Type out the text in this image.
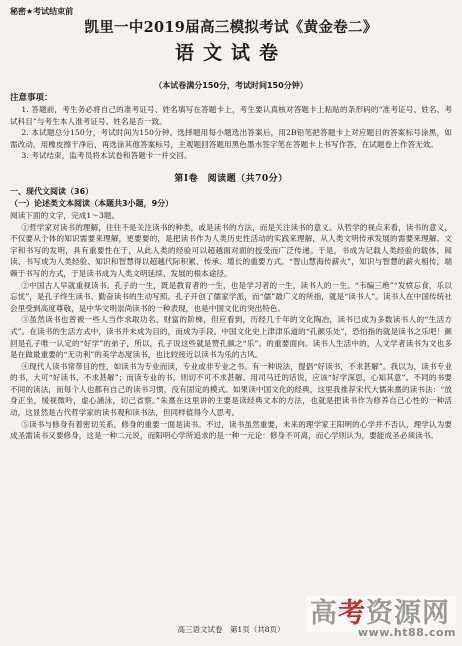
秘密★考试结束前
凯里一中2019届高三模拟考试《黄金卷二》
语文试卷
（本试卷满分150分，考试时间150分钟）
注意事项：
1. 答题前，考生务必将自己的准考证号、姓名填写在答题卡上，考生要认真核对答题卡上粘贴的条形码的“准考证号、姓名、考试科目”与考生本人准考证号、姓名是否一致。
2. 本试题总分150分，考试时间为150分钟。选择题用每小题选出答案后，用2B铅笔把答题卡上对应题目的答案标号涂黑，如需改动，用橡皮擦干净后，再选涂其他答案标号，主观题回答题用黑色墨水签字笔在答题卡上书写作答，在试题卷上作答无效。
3. 考试结束，监考员将本试卷和答题卡一并交回。
第Ⅰ卷　阅读题（共70分）
一、现代文阅读（36）
（一）论述类文本阅读（本题共3小题，9分）
阅读下面的文字，完成1～3题。
①哲学家对读书的理解，往往不是关注读书的种类，或是读书的方法，而是关注读书的意义。从哲学的视点来看，读书的意义，不仅要从个体的知识需要来理解，更要要的，是把读书作为人类历史性活动的实践来理解，从人类文明传承发展的需要来理解。文字和书写的发明，具有重要性在于，从此人类的经验可以超越面对面的授受而广泛传递。于是，书成为记载人类经验的载体，阅读、书写成为人类经验、知识和智慧得以超越代际积累、传承、增长的重要方式。“智山慧海传薪火”，知识与智慧的薪火相传，端赖于书写的方式，于是读书成为人类文明延续、发展的根本途径。
②中国古人早就重视读书。孔子的一生，既是教育者的一生，也是学习者的一生，读书人的一生。“韦编三绝”“发愤忘食，乐以忘忧”，是孔子终生读书、勤奋读书的生动写照。孔子开创了儒家学派，而“儒”最广义的所指，就是“读书人”。读书人在中国传统社会里受到高度尊敬，是中华文明崇尚读书的一种表现，也是中国文化的突出特色。
③虽然读书也曾被一些人当作求取功名、财富的阶梯，但应看到，历经几千年的文化陶冶，读书已成为多数读书人的“生活方式”。在读书的生活方式中，读书并未成为目的，而成为手段。中国文化史上津津乐道的“孔颜乐处”，恐怕指的就是读书之乐吧！颜回是孔子唯一认定的“好学”的弟子，所以，孔子说这些就是赞孔颜之“乐”。的重要面向。读书人生活中的，人文学者读书为文也多是在做最重要的“无功利”的美学态度读书，也比较接近以读书为乐的古风。
④现代人读书常带目的性，如读书为专业而读，专业或非专业之书。有一种说法，提倡“好读书，不求甚解”。我以为，读书专业的书，大可“好读书，不求甚解”；而读专业的书，则切不可不求甚解。用司马迁的话说，应该“好学深思，心知其意”。不同的书要不同的读法，而每个人也都有自己的读书习惯，没有固定的模式。如果读中国文化的经典，这里我推荐宋代大儒朱熹的读书法：“放身正坐，缓视微吟，虚心涵泳，切己省察。”朱熹在这里讲的主要是读经典文本的方法，也就是把读书作为修养自己心性的一种活动，这显然是古代哲学家的读书观和读书法，但同样值得今人思考。
⑤读书与修身有着密切关系，修身的重要一面是读书。不过，读书虽然重要，未来的理学家王阳明的心学并不否认，理学认为要成圣需读书又要修身，这是一种二元说，而阳明心学所追求的是一种一元论：修身不可离，而心学则认为，要能成圣必须读书。
高三语文试卷　第1页（共8页）
高考资源网
www.ht88.com
